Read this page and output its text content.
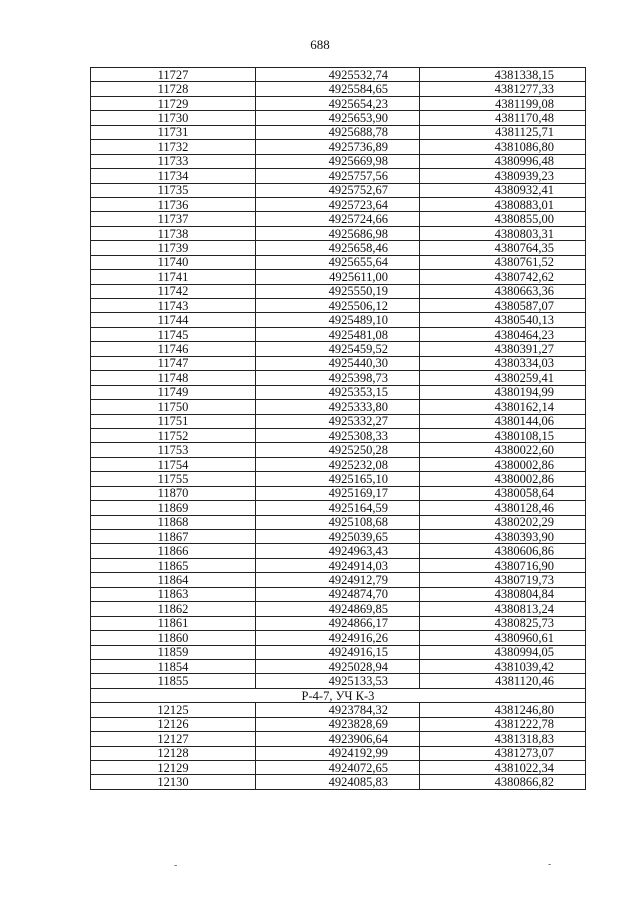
688
11727	4925532,74	4381338,15
11728	4925584,65	4381277,33
11729	4925654,23	4381199,08
11730	4925653,90	4381170,48
11731	4925688,78	4381125,71
11732	4925736,89	4381086,80
11733	4925669,98	4380996,48
11734	4925757,56	4380939,23
11735	4925752,67	4380932,41
11736	4925723,64	4380883,01
11737	4925724,66	4380855,00
11738	4925686,98	4380803,31
11739	4925658,46	4380764,35
11740	4925655,64	4380761,52
11741	4925611,00	4380742,62
11742	4925550,19	4380663,36
11743	4925506,12	4380587,07
11744	4925489,10	4380540,13
11745	4925481,08	4380464,23
11746	4925459,52	4380391,27
11747	4925440,30	4380334,03
11748	4925398,73	4380259,41
11749	4925353,15	4380194,99
11750	4925333,80	4380162,14
11751	4925332,27	4380144,06
11752	4925308,33	4380108,15
11753	4925250,28	4380022,60
11754	4925232,08	4380002,86
11755	4925165,10	4380002,86
11870	4925169,17	4380058,64
11869	4925164,59	4380128,46
11868	4925108,68	4380202,29
11867	4925039,65	4380393,90
11866	4924963,43	4380606,86
11865	4924914,03	4380716,90
11864	4924912,79	4380719,73
11863	4924874,70	4380804,84
11862	4924869,85	4380813,24
11861	4924866,17	4380825,73
11860	4924916,26	4380960,61
11859	4924916,15	4380994,05
11854	4925028,94	4381039,42
11855	4925133,53	4381120,46
Р-4-7, УЧ К-3		
12125	4923784,32	4381246,80
12126	4923828,69	4381222,78
12127	4923906,64	4381318,83
12128	4924192,99	4381273,07
12129	4924072,65	4381022,34
12130	4924085,83	4380866,82
-	-
